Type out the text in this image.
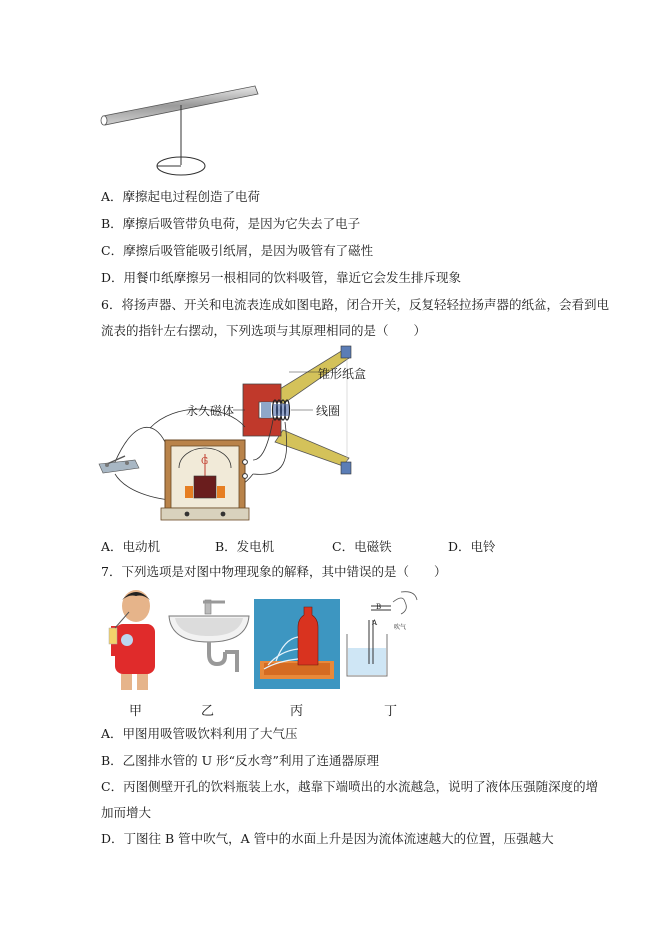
A．摩擦起电过程创造了电荷
B．摩擦后吸管带负电荷，是因为它失去了电子
C．摩擦后吸管能吸引纸屑，是因为吸管有了磁性
D．用餐巾纸摩擦另一根相同的饮料吸管，靠近它会发生排斥现象
6．将扬声器、开关和电流表连成如图电路，闭合开关，反复轻轻拉扬声器的纸盆，会看到电
流表的指针左右摆动，下列选项与其原理相同的是（　　）
锥形纸盒
永久磁体	线圈
G
A．电动机	B．发电机	C．电磁铁	D．电铃
7．下列选项是对图中物理现象的解释，其中错误的是（　　）
A
B
吹气
甲	乙	丙	丁
A．甲图用吸管吸饮料利用了大气压
B．乙图排水管的 U 形“反水弯”利用了连通器原理
C．丙图侧壁开孔的饮料瓶装上水，越靠下端喷出的水流越急，说明了液体压强随深度的增
加而增大
D．丁图往 B 管中吹气，A 管中的水面上升是因为流体流速越大的位置，压强越大
